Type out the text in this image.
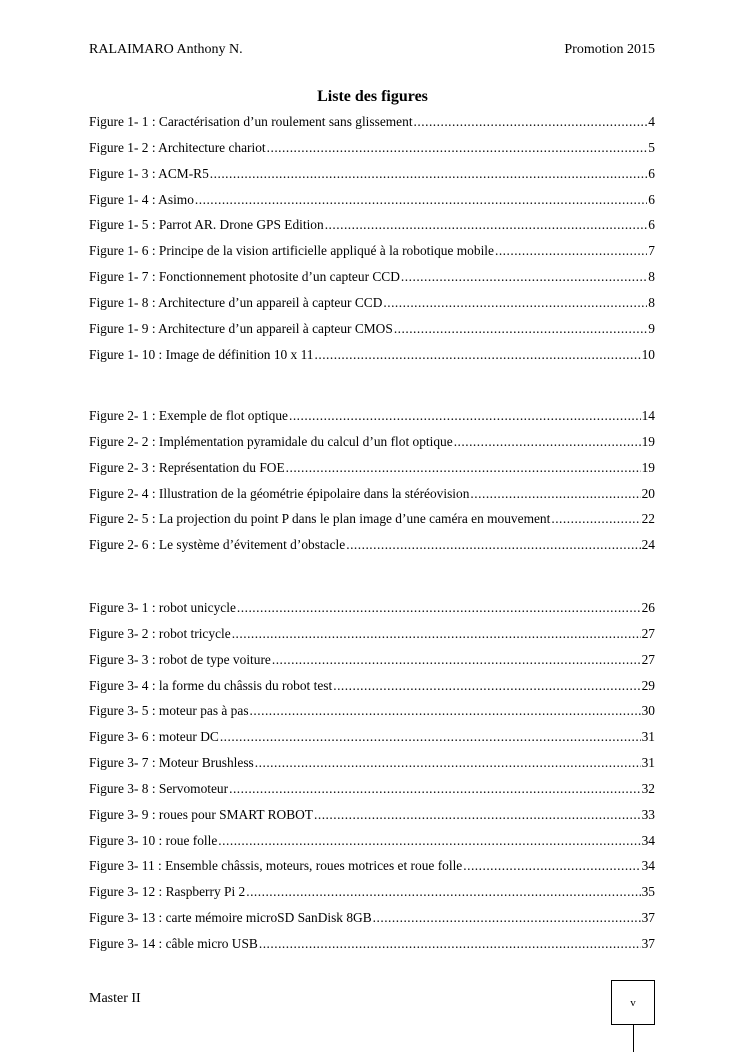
RALAIMARO Anthony N.	Promotion 2015
Liste des figures
Figure 1- 1 : Caractérisation d’un roulement sans glissement .....	4
Figure 1- 2 : Architecture chariot .....	5
Figure 1- 3 : ACM-R5 .....	6
Figure 1- 4 : Asimo .....	6
Figure 1- 5 : Parrot AR. Drone GPS Edition .....	6
Figure 1- 6 : Principe de la vision artificielle appliqué à la robotique mobile .....	7
Figure 1- 7 : Fonctionnement photosite d’un capteur CCD .....	8
Figure 1- 8 : Architecture d’un appareil à capteur CCD .....	8
Figure 1- 9 : Architecture d’un appareil à capteur CMOS .....	9
Figure 1- 10 : Image de définition 10 x 11 .....	10
Figure 2- 1 : Exemple de flot optique .....	14
Figure 2- 2 : Implémentation pyramidale du calcul d’un flot optique .....	19
Figure 2- 3 : Représentation du FOE .....	19
Figure 2- 4 : Illustration de la géométrie épipolaire dans la stéréovision .....	20
Figure 2- 5 : La projection du point P dans le plan image d’une caméra en mouvement .....	22
Figure 2- 6 : Le système d’évitement d’obstacle .....	24
Figure 3- 1 : robot unicycle .....	26
Figure 3- 2 : robot tricycle .....	27
Figure 3- 3 : robot de type voiture .....	27
Figure 3- 4 : la forme du châssis du robot test .....	29
Figure 3- 5 : moteur pas à pas .....	30
Figure 3- 6 : moteur DC .....	31
Figure 3- 7 : Moteur Brushless .....	31
Figure 3- 8 : Servomoteur .....	32
Figure 3- 9 : roues pour SMART ROBOT .....	33
Figure 3- 10 : roue folle .....	34
Figure 3- 11 : Ensemble châssis, moteurs, roues motrices et roue folle .....	34
Figure 3- 12 : Raspberry Pi 2 .....	35
Figure 3- 13 : carte mémoire microSD SanDisk 8GB .....	37
Figure 3- 14 : câble micro USB .....	37
Master II	v
